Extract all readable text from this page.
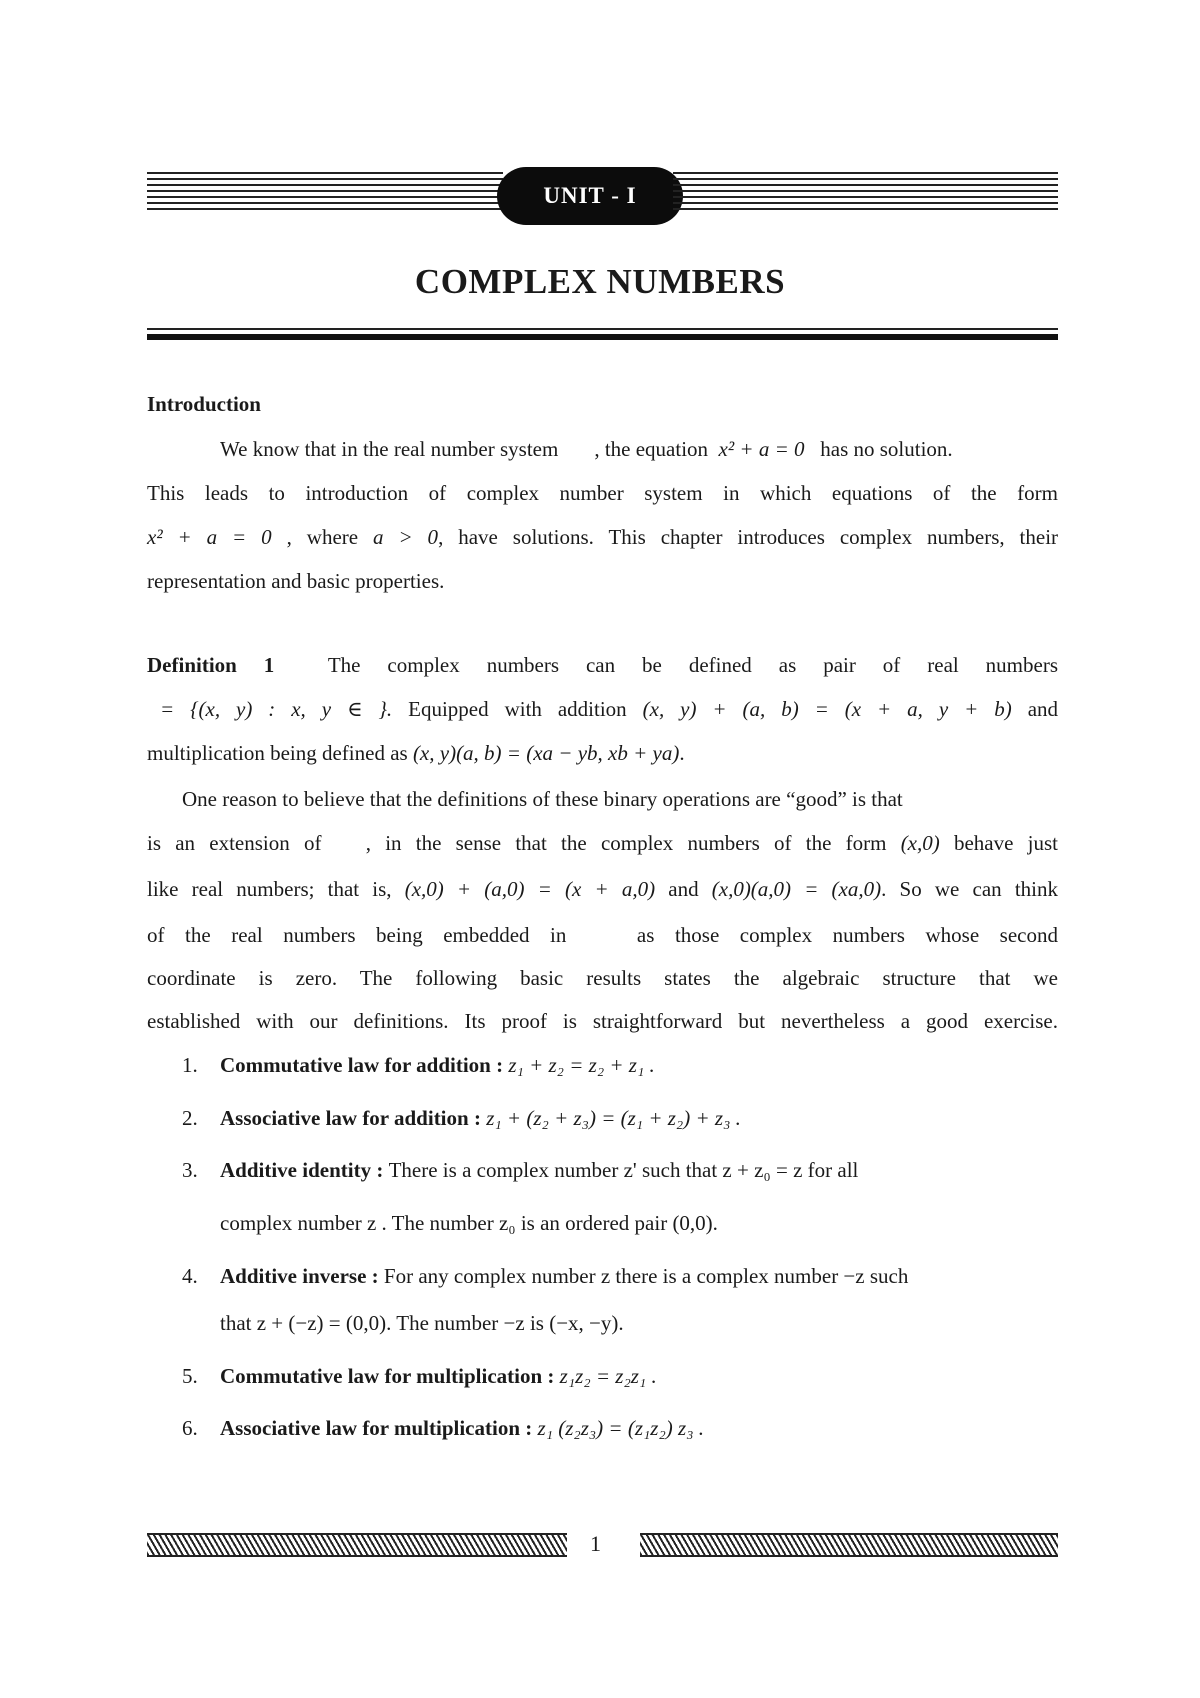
UNIT - I
COMPLEX NUMBERS
Introduction
We know that in the real number system , the equation x² + a = 0 has no solution.
This leads to introduction of complex number system in which equations of the form
x² + a = 0 , where a > 0, have solutions. This chapter introduces complex numbers, their
representation and basic properties.
Definition 1	The complex numbers can be defined as pair of real numbers
= {(x, y) : x, y ∈ }. Equipped with addition (x, y) + (a, b) = (x + a, y + b) and
multiplication being defined as (x, y)(a, b) = (xa − yb, xb + ya).
One reason to believe that the definitions of these binary operations are “good” is that
is an extension of , in the sense that the complex numbers of the form (x,0) behave just
like real numbers; that is, (x,0) + (a,0) = (x + a,0) and (x,0)(a,0) = (xa,0). So we can think
of the real numbers being embedded in	as those complex numbers whose second
coordinate is zero. The following basic results states the algebraic structure that we
established with our definitions. Its proof is straightforward but nevertheless a good exercise.
1. Commutative law for addition : z₁ + z₂ = z₂ + z₁ .
2. Associative law for addition : z₁ + (z₂ + z₃) = (z₁ + z₂) + z₃ .
3. Additive identity : There is a complex number z' such that z + z₀ = z for all
complex number z . The number z₀ is an ordered pair (0,0).
4. Additive inverse : For any complex number z there is a complex number −z such
that z + (−z) = (0,0). The number −z is (−x, −y).
5. Commutative law for multiplication : z₁z₂ = z₂z₁ .
6. Associative law for multiplication : z₁ (z₂z₃) = (z₁z₂) z₃ .
1
